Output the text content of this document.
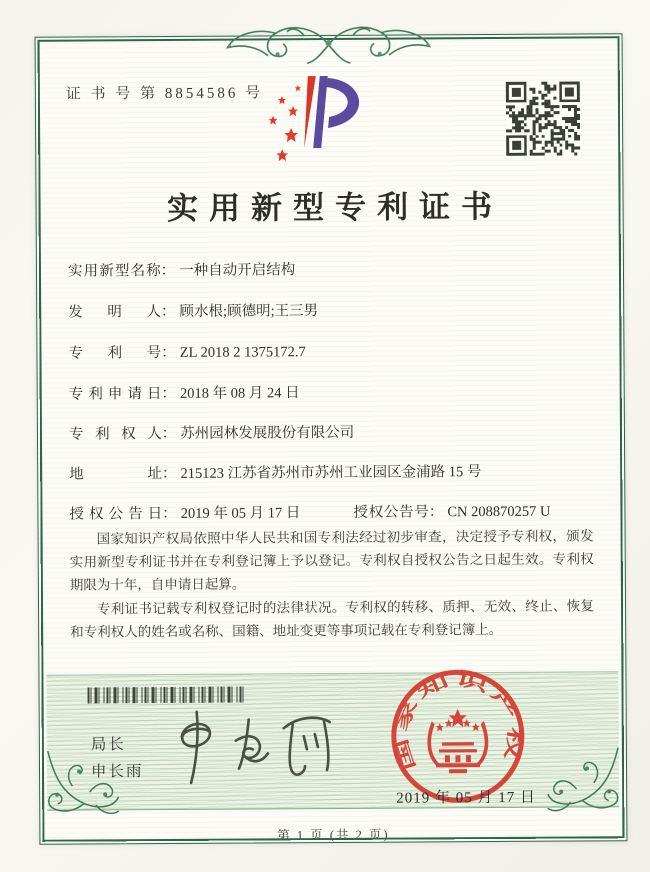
证 书 号 第 8854586 号
实用新型专利证书
实用新型名称： 一种自动开启结构
发明人： 顾水根;顾德明;王三男
专利号： ZL 2018 2 1375172.7
专利申请日： 2018 年 08 月 24 日
专利权人： 苏州园林发展股份有限公司
地址： 215123 江苏省苏州市苏州工业园区金浦路 15 号
授权公告日： 2019 年 05 月 17 日	授权公告号： CN 208870257 U

国家知识产权局依照中华人民共和国专利法经过初步审查，决定授予专利权，颁发实用新型专利证书并在专利登记簿上予以登记。专利权自授权公告之日起生效。专利权期限为十年，自申请日起算。

专利证书记载专利权登记时的法律状况。专利权的转移、质押、无效、终止、恢复和专利权人的姓名或名称、国籍、地址变更等事项记载在专利登记簿上。

局长
申长雨	国家知识产权局
2019 年 05 月 17 日
第 1 页 (共 2 页)
